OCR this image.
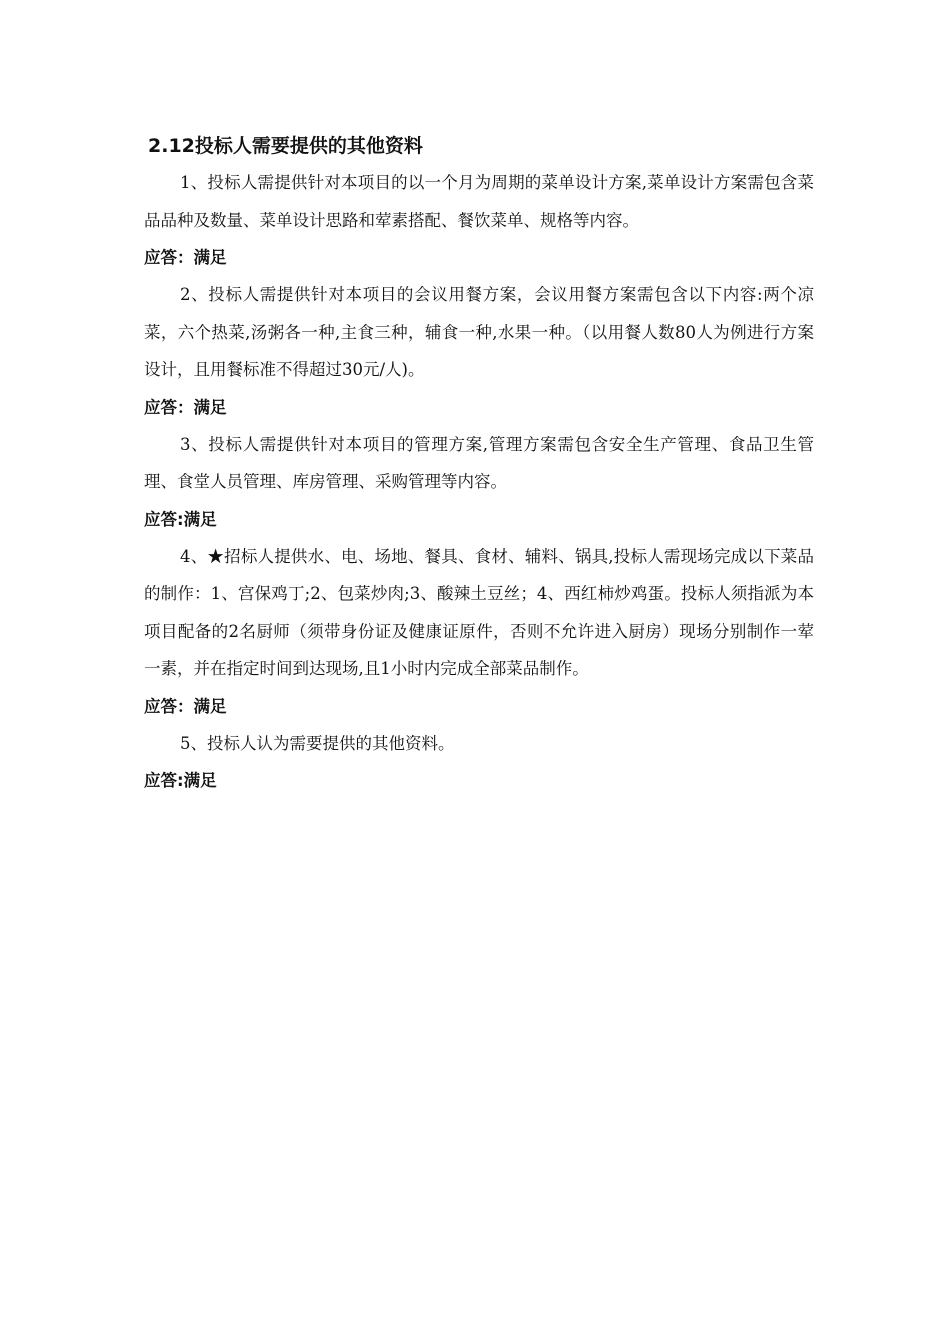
2.12投标人需要提供的其他资料

1、投标人需提供针对本项目的以一个月为周期的菜单设计方案,菜单设计方案需包含菜品品种及数量、菜单设计思路和荤素搭配、餐饮菜单、规格等内容。

应答：满足

2、投标人需提供针对本项目的会议用餐方案，会议用餐方案需包含以下内容:两个凉菜，六个热菜,汤粥各一种,主食三种，辅食一种,水果一种。（以用餐人数80人为例进行方案设计，且用餐标准不得超过30元/人)。

应答：满足

3、投标人需提供针对本项目的管理方案,管理方案需包含安全生产管理、食品卫生管理、食堂人员管理、库房管理、采购管理等内容。

应答:满足

4、★招标人提供水、电、场地、餐具、食材、辅料、锅具,投标人需现场完成以下菜品的制作：1、宫保鸡丁;2、包菜炒肉;3、酸辣土豆丝；4、西红柿炒鸡蛋。投标人须指派为本项目配备的2名厨师（须带身份证及健康证原件，否则不允许进入厨房）现场分别制作一荤一素，并在指定时间到达现场,且1小时内完成全部菜品制作。

应答：满足

5、投标人认为需要提供的其他资料。

应答:满足
